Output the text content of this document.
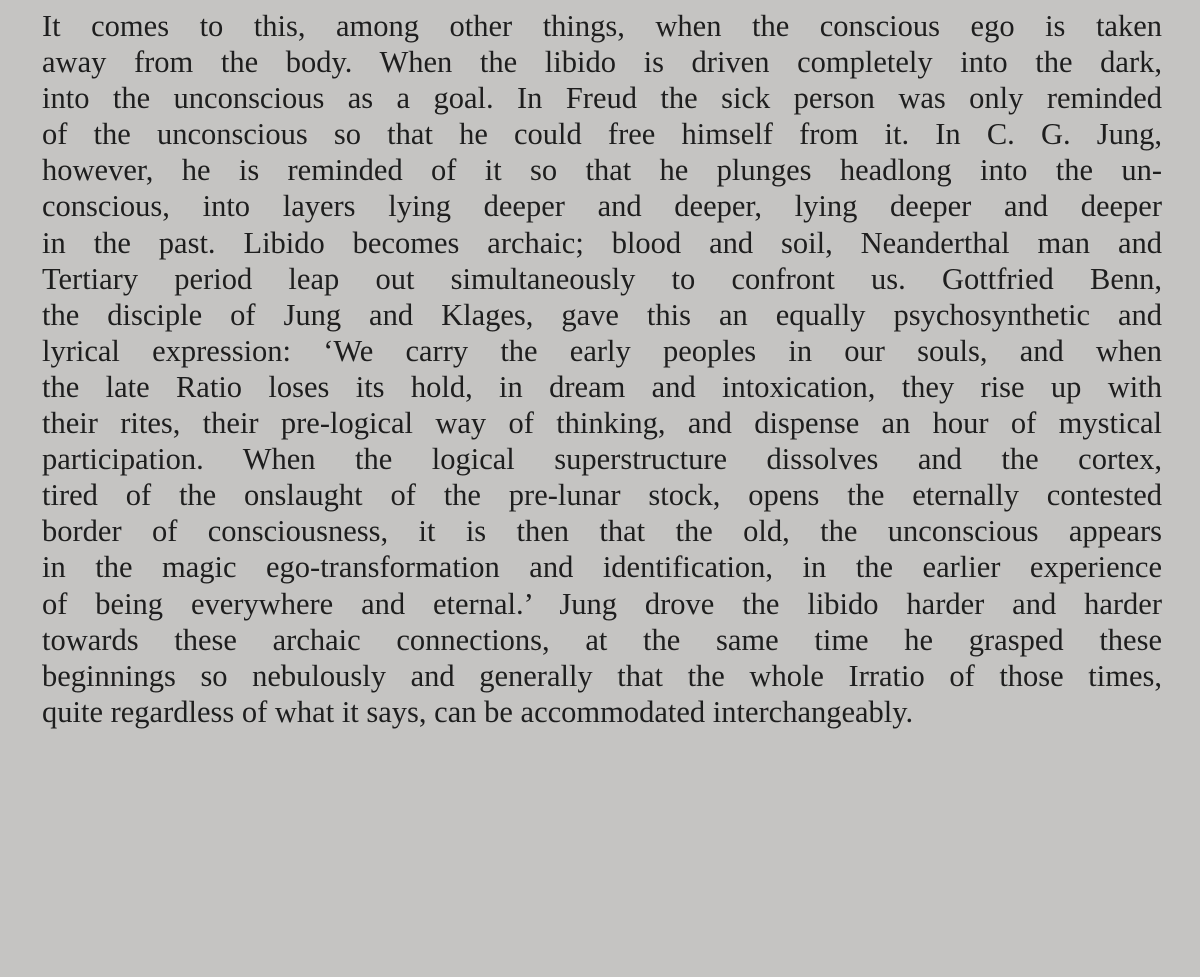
It comes to this, among other things, when the conscious ego is taken
away from the body. When the libido is driven completely into the dark,
into the unconscious as a goal. In Freud the sick person was only reminded
of the unconscious so that he could free himself from it. In C. G. Jung,
however, he is reminded of it so that he plunges headlong into the un-
conscious, into layers lying deeper and deeper, lying deeper and deeper
in the past. Libido becomes archaic; blood and soil, Neanderthal man and
Tertiary period leap out simultaneously to confront us. Gottfried Benn,
the disciple of Jung and Klages, gave this an equally psychosynthetic and
lyrical expression: ‘We carry the early peoples in our souls, and when
the late Ratio loses its hold, in dream and intoxication, they rise up with
their rites, their pre-logical way of thinking, and dispense an hour of mystical
participation. When the logical superstructure dissolves and the cortex,
tired of the onslaught of the pre-lunar stock, opens the eternally contested
border of consciousness, it is then that the old, the unconscious appears
in the magic ego-transformation and identification, in the earlier experience
of being everywhere and eternal.’ Jung drove the libido harder and harder
towards these archaic connections, at the same time he grasped these
beginnings so nebulously and generally that the whole Irratio of those times,
quite regardless of what it says, can be accommodated interchangeably.
